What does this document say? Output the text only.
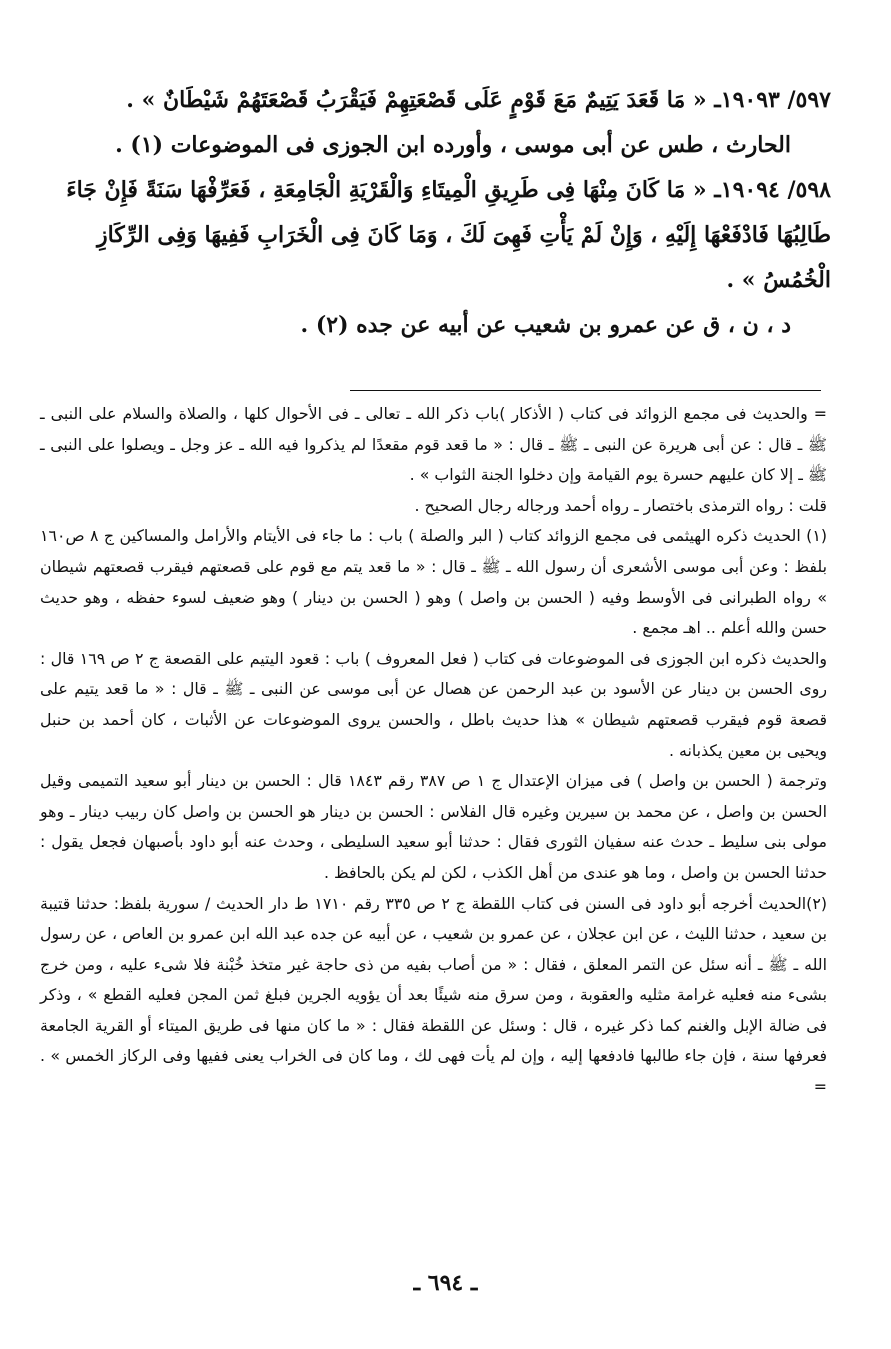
٥٩٧/ ١٩٠٩٣ـ « مَا قَعَدَ يَتِيمٌ مَعَ قَوْمٍ عَلَى قَصْعَتِهِمْ فَيَقْرَبُ قَصْعَتَهُمْ شَيْطَانٌ » .

الحارث ، طس عن أبى موسى ، وأورده ابن الجوزى فى الموضوعات (١) .

٥٩٨/ ١٩٠٩٤ـ « مَا كَانَ مِنْهَا فِى طَرِيقِ الْمِيتَاءِ وَالْقَرْيَةِ الْجَامِعَةِ ، فَعَرِّفْهَا سَنَةً فَإِنْ جَاءَ طَالِبُهَا فَادْفَعْهَا إِلَيْهِ ، وَإِنْ لَمْ يَأْتِ فَهِىَ لَكَ ، وَمَا كَانَ فِى الْخَرَابِ فَفِيهَا وَفِى الرِّكَازِ الْخُمُسُ » .

د ، ن ، ق عن عمرو بن شعيب عن أبيه عن جده (٢) .

= والحديث فى مجمع الزوائد فى كتاب ( الأذكار )باب ذكر الله ـ تعالى ـ فى الأحوال كلها ، والصلاة والسلام على النبى ـ ﷺ ـ قال : عن أبى هريرة عن النبى ـ ﷺ ـ قال : « ما قعد قوم مقعدًا لم يذكروا فيه الله ـ عز وجل ـ ويصلوا على النبى ـ ﷺ ـ إلا كان عليهم حسرة يوم القيامة وإن دخلوا الجنة الثواب » .

قلت : رواه الترمذى باختصار ـ رواه أحمد ورجاله رجال الصحيح .

(١) الحديث ذكره الهيثمى فى مجمع الزوائد كتاب ( البر والصلة ) باب : ما جاء فى الأيتام والأرامل والمساكين ج ٨ ص١٦٠ بلفظ : وعن أبى موسى الأشعرى أن رسول الله ـ ﷺ ـ قال : « ما قعد يتم مع قوم على قصعتهم فيقرب قصعتهم شيطان » رواه الطبرانى فى الأوسط وفيه ( الحسن بن واصل ) وهو ( الحسن بن دينار ) وهو ضعيف لسوء حفظه ، وهو حديث حسن والله أعلم .. اهـ مجمع .

والحديث ذكره ابن الجوزى فى الموضوعات فى كتاب ( فعل المعروف ) باب : قعود اليتيم على القصعة ج ٢ ص ١٦٩ قال : روى الحسن بن دينار عن الأسود بن عبد الرحمن عن هصال عن أبى موسى عن النبى ـ ﷺ ـ قال : « ما قعد يتيم على قصعة قوم فيقرب قصعتهم شيطان » هذا حديث باطل ، والحسن يروى الموضوعات عن الأثبات ، كان أحمد بن حنبل ويحيى بن معين يكذبانه .

وترجمة ( الحسن بن واصل ) فى ميزان الإعتدال ج ١ ص ٣٨٧ رقم ١٨٤٣ قال : الحسن بن دينار أبو سعيد التميمى وقيل الحسن بن واصل ، عن محمد بن سيرين وغيره قال الفلاس : الحسن بن دينار هو الحسن بن واصل كان ربيب دينار ـ وهو مولى بنى سليط ـ حدث عنه سفيان الثورى فقال : حدثنا أبو سعيد السليطى ، وحدث عنه أبو داود بأصبهان فجعل يقول : حدثنا الحسن بن واصل ، وما هو عندى من أهل الكذب ، لكن لم يكن بالحافظ .

(٢)الحديث أخرجه أبو داود فى السنن فى كتاب اللقطة ج ٢ ص ٣٣٥ رقم ١٧١٠ ط دار الحديث / سورية بلفظ: حدثنا قتيبة بن سعيد ، حدثنا الليث ، عن ابن عجلان ، عن عمرو بن شعيب ، عن أبيه عن جده عبد الله ابن عمرو بن العاص ، عن رسول الله ـ ﷺ ـ أنه سئل عن التمر المعلق ، فقال : « من أصاب بفيه من ذى حاجة غير متخذ خُبْنة فلا شىء عليه ، ومن خرج بشىء منه فعليه غرامة مثليه والعقوبة ، ومن سرق منه شيئًا بعد أن يؤويه الجرين فبلغ ثمن المجن فعليه القطع » ، وذكر فى ضالة الإبل والغنم كما ذكر غيره ، قال : وسئل عن اللقطة فقال : « ما كان منها فى طريق الميتاء أو القرية الجامعة فعرفها سنة ، فإن جاء طالبها فادفعها إليه ، وإن لم يأت فهى لك ، وما كان فى الخراب يعنى ففيها وفى الركاز الخمس » . =

ـ ٦٩٤ ـ
